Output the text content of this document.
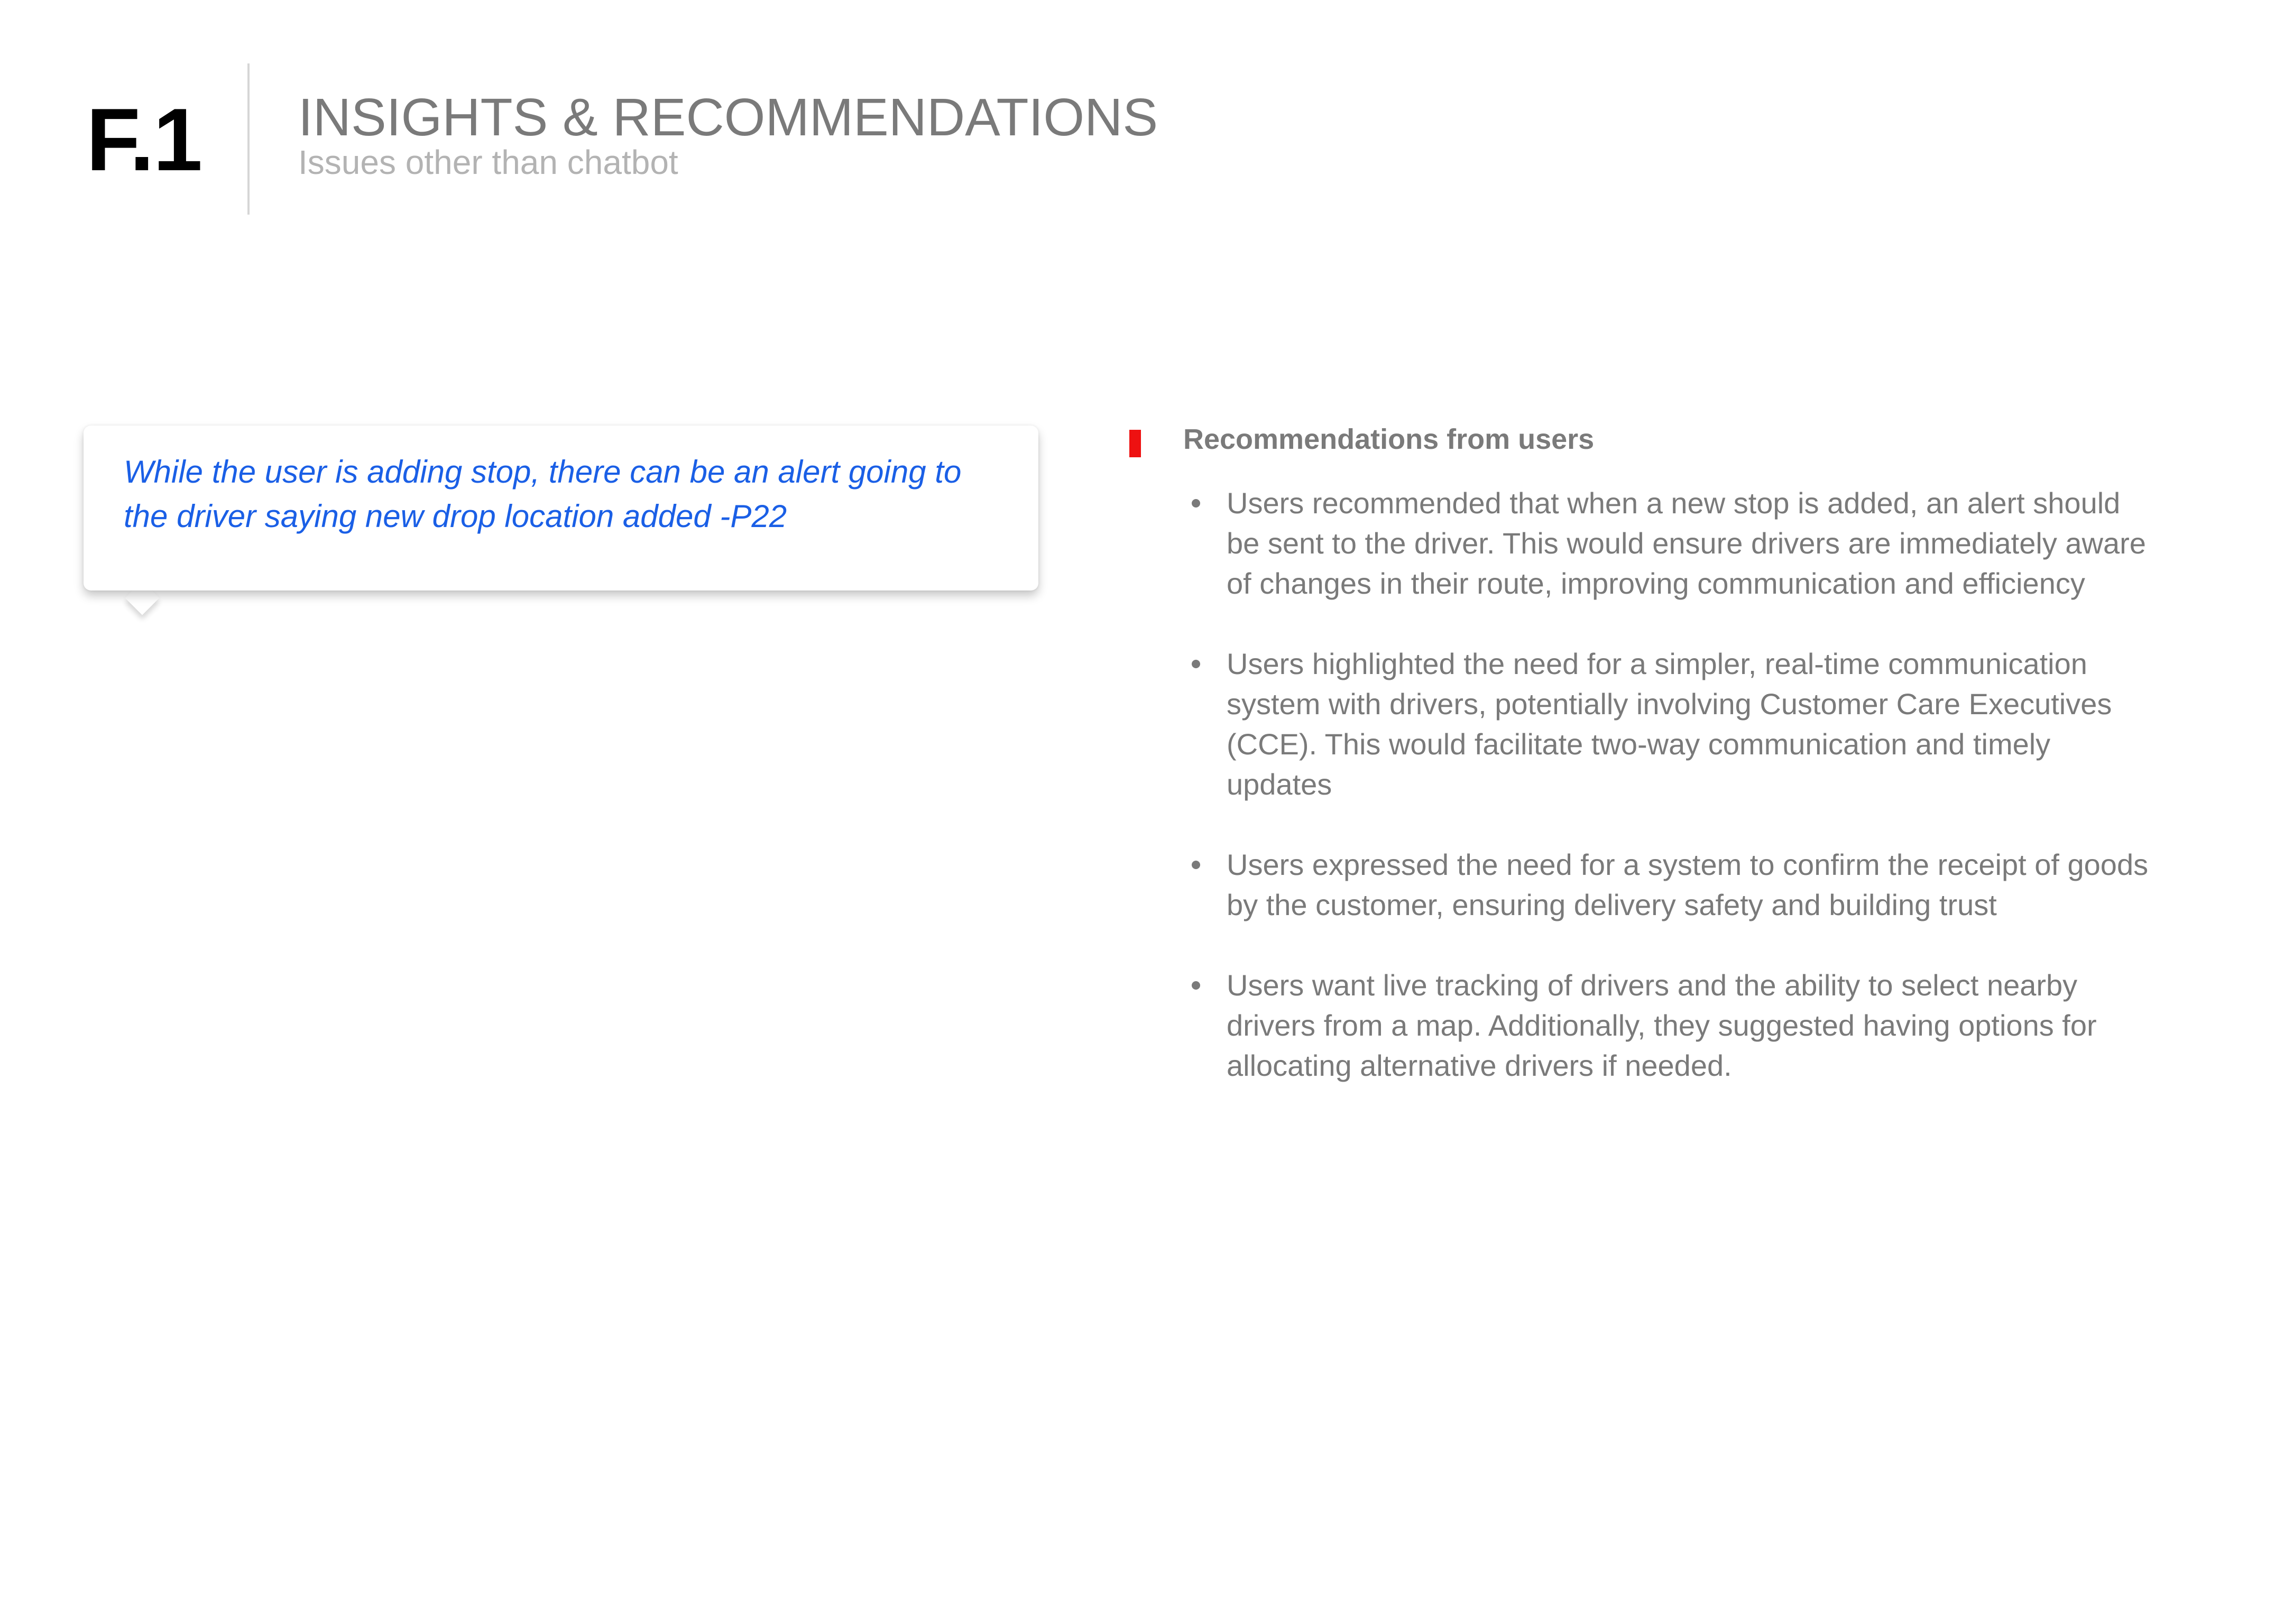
F.1 INSIGHTS & RECOMMENDATIONS
Issues other than chatbot
While the user is adding stop, there can be an alert going to the driver saying new drop location added -P22
Recommendations from users
Users recommended that when a new stop is added, an alert should be sent to the driver. This would ensure drivers are immediately aware of changes in their route, improving communication and efficiency
Users highlighted the need for a simpler, real-time communication system with drivers, potentially involving Customer Care Executives (CCE). This would facilitate two-way communication and timely updates
Users expressed the need for a system to confirm the receipt of goods by the customer, ensuring delivery safety and building trust
Users want live tracking of drivers and the ability to select nearby drivers from a map. Additionally, they suggested having options for allocating alternative drivers if needed.
